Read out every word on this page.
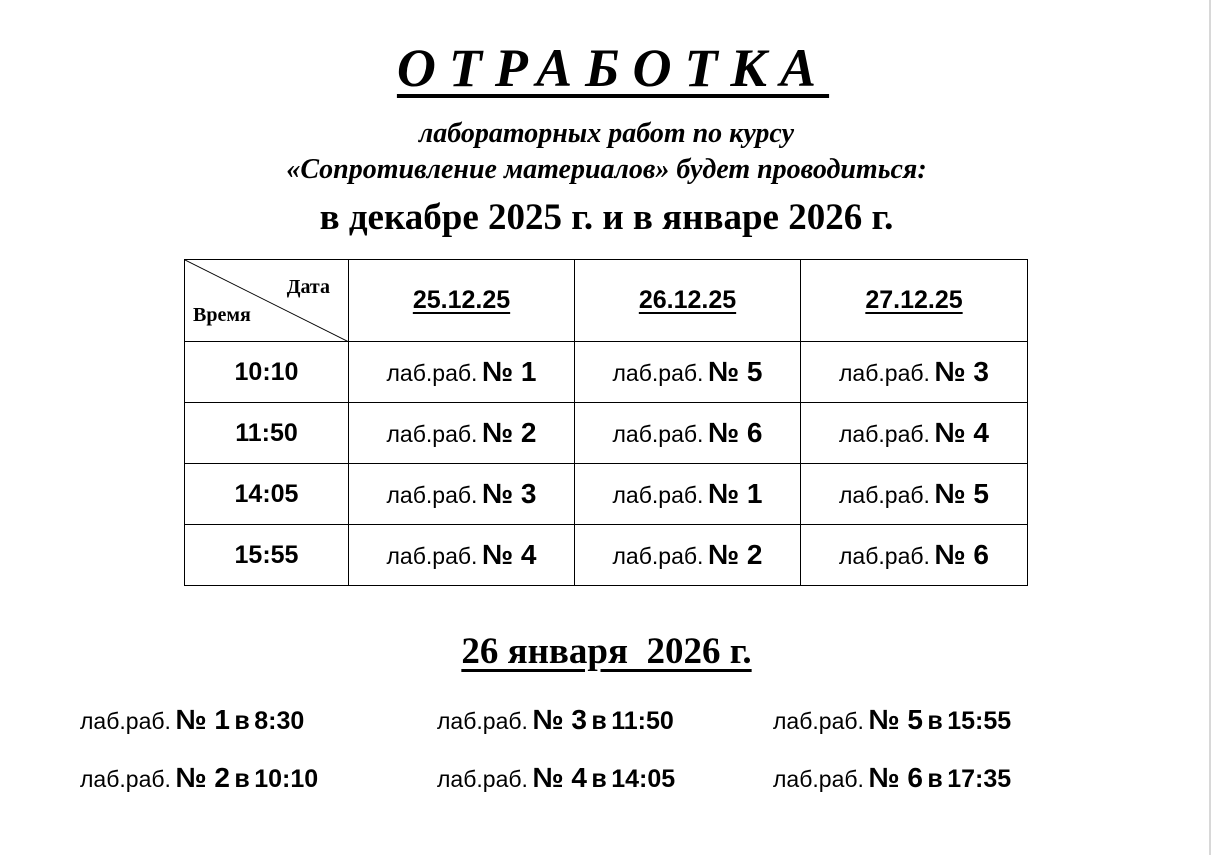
ОТРАБОТКА
лабораторных работ по курсу
«Сопротивление материалов» будет проводиться:
в декабре 2025 г. и в январе 2026 г.
Дата
Время	25.12.25	26.12.25	27.12.25
10:10	лаб.раб. № 1	лаб.раб. № 5	лаб.раб. № 3
11:50	лаб.раб. № 2	лаб.раб. № 6	лаб.раб. № 4
14:05	лаб.раб. № 3	лаб.раб. № 1	лаб.раб. № 5
15:55	лаб.раб. № 4	лаб.раб. № 2	лаб.раб. № 6
26 января  2026 г.
лаб.раб. № 1 в 8:30
лаб.раб. № 2 в 10:10
лаб.раб. № 3 в 11:50
лаб.раб. № 4 в 14:05
лаб.раб. № 5 в 15:55
лаб.раб. № 6 в 17:35
